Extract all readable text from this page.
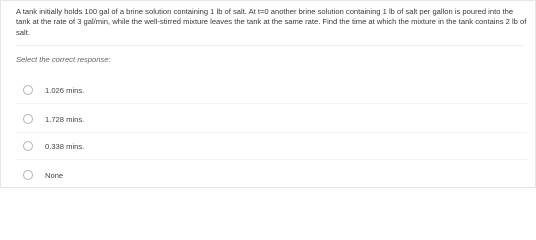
A tank initially holds 100 gal of a brine solution containing 1 lb of salt. At t=0 another brine solution containing 1 lb of salt per gallon is poured into the tank at the rate of 3 gal/min, while the well-stirred mixture leaves the tank at the same rate. Find the time at which the mixture in the tank contains 2 lb of salt.

Select the correct response:

1.026 mins.
1.728 mins.
0.338 mins.
None
